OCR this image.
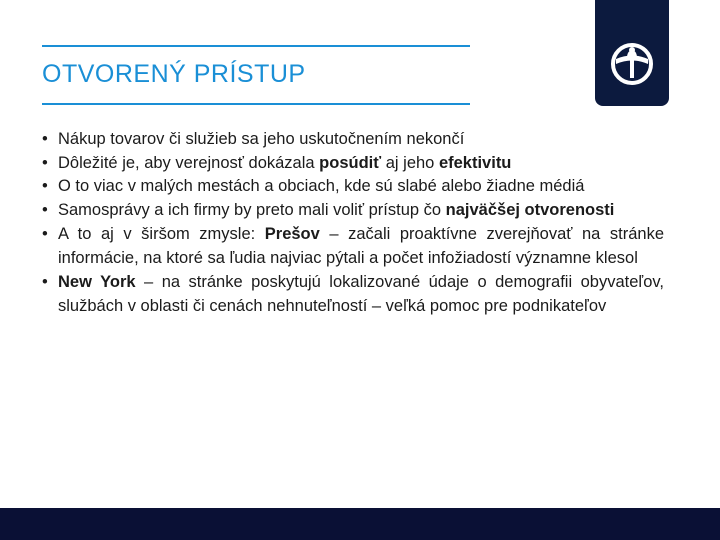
OTVORENÝ PRÍSTUP
• Nákup tovarov či služieb sa jeho uskutočnením nekončí
• Dôležité je, aby verejnosť dokázala posúdiť aj jeho efektivitu
• O to viac v malých mestách a obciach, kde sú slabé alebo žiadne médiá
• Samosprávy a ich firmy by preto mali voliť prístup čo najväčšej otvorenosti
• A to aj v širšom zmysle: Prešov – začali proaktívne zverejňovať na stránke informácie, na ktoré sa ľudia najviac pýtali a počet infožiadostí významne klesol
• New York – na stránke poskytujú lokalizované údaje o demografii obyvateľov, službách v oblasti či cenách nehnuteľností – veľká pomoc pre podnikateľov
